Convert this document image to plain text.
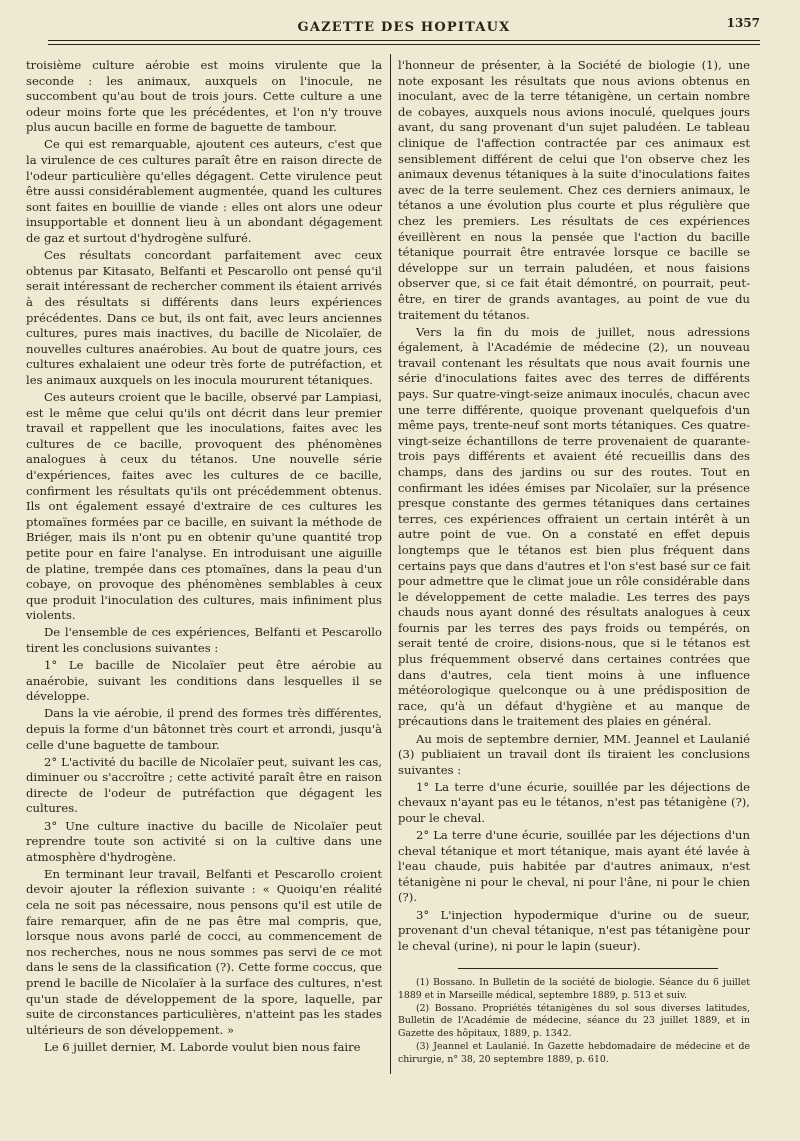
GAZETTE DES HOPITAUX	1357

troisième culture aérobie est moins virulente que la seconde : les animaux, auxquels on l'inocule, ne succombent qu'au bout de trois jours. Cette culture a une odeur moins forte que les précédentes, et l'on n'y trouve plus aucun bacille en forme de baguette de tambour.

Ce qui est remarquable, ajoutent ces auteurs, c'est que la virulence de ces cultures paraît être en raison directe de l'odeur particulière qu'elles dégagent. Cette virulence peut être aussi considérablement augmentée, quand les cultures sont faites en bouillie de viande : elles ont alors une odeur insupportable et donnent lieu à un abondant dégagement de gaz et surtout d'hydrogène sulfuré.

Ces résultats concordant parfaitement avec ceux obtenus par Kitasato, Belfanti et Pescarollo ont pensé qu'il serait intéressant de rechercher comment ils étaient arrivés à des résultats si différents dans leurs expériences précédentes. Dans ce but, ils ont fait, avec leurs anciennes cultures, pures mais inactives, du bacille de Nicolaïer, de nouvelles cultures anaérobies. Au bout de quatre jours, ces cultures exhalaient une odeur très forte de putréfaction, et les animaux auxquels on les inocula moururent tétaniques.

Ces auteurs croient que le bacille, observé par Lampiasi, est le même que celui qu'ils ont décrit dans leur premier travail et rappellent que les inoculations, faites avec les cultures de ce bacille, provoquent des phénomènes analogues à ceux du tétanos. Une nouvelle série d'expériences, faites avec les cultures de ce bacille, confirment les résultats qu'ils ont précédemment obtenus. Ils ont également essayé d'extraire de ces cultures les ptomaïnes formées par ce bacille, en suivant la méthode de Briéger, mais ils n'ont pu en obtenir qu'une quantité trop petite pour en faire l'analyse. En introduisant une aiguille de platine, trempée dans ces ptomaïnes, dans la peau d'un cobaye, on provoque des phénomènes semblables à ceux que produit l'inoculation des cultures, mais infiniment plus violents.

De l'ensemble de ces expériences, Belfanti et Pescarollo tirent les conclusions suivantes :

1° Le bacille de Nicolaïer peut être aérobie au anaérobie, suivant les conditions dans lesquelles il se développe.

Dans la vie aérobie, il prend des formes très différentes, depuis la forme d'un bâtonnet très court et arrondi, jusqu'à celle d'une baguette de tambour.

2° L'activité du bacille de Nicolaïer peut, suivant les cas, diminuer ou s'accroître ; cette activité paraît être en raison directe de l'odeur de putréfaction que dégagent les cultures.

3° Une culture inactive du bacille de Nicolaïer peut reprendre toute son activité si on la cultive dans une atmosphère d'hydrogène.

En terminant leur travail, Belfanti et Pescarollo croient devoir ajouter la réflexion suivante : « Quoiqu'en réalité cela ne soit pas nécessaire, nous pensons qu'il est utile de faire remarquer, afin de ne pas être mal compris, que, lorsque nous avons parlé de cocci, au commencement de nos recherches, nous ne nous sommes pas servi de ce mot dans le sens de la classification (?). Cette forme coccus, que prend le bacille de Nicolaïer à la surface des cultures, n'est qu'un stade de développement de la spore, laquelle, par suite de circonstances particulières, n'atteint pas les stades ultérieurs de son développement. »

Le 6 juillet dernier, M. Laborde voulut bien nous faire

l'honneur de présenter, à la Société de biologie (1), une note exposant les résultats que nous avions obtenus en inoculant, avec de la terre tétanigène, un certain nombre de cobayes, auxquels nous avions inoculé, quelques jours avant, du sang provenant d'un sujet paludéen. Le tableau clinique de l'affection contractée par ces animaux est sensiblement différent de celui que l'on observe chez les animaux devenus tétaniques à la suite d'inoculations faites avec de la terre seulement. Chez ces derniers animaux, le tétanos a une évolution plus courte et plus régulière que chez les premiers. Les résultats de ces expériences éveillèrent en nous la pensée que l'action du bacille tétanique pourrait être entravée lorsque ce bacille se développe sur un terrain paludéen, et nous faisions observer que, si ce fait était démontré, on pourrait, peut-être, en tirer de grands avantages, au point de vue du traitement du tétanos.

Vers la fin du mois de juillet, nous adressions également, à l'Académie de médecine (2), un nouveau travail contenant les résultats que nous avait fournis une série d'inoculations faites avec des terres de différents pays. Sur quatre-vingt-seize animaux inoculés, chacun avec une terre différente, quoique provenant quelquefois d'un même pays, trente-neuf sont morts tétaniques. Ces quatre-vingt-seize échantillons de terre provenaient de quarante-trois pays différents et avaient été recueillis dans des champs, dans des jardins ou sur des routes. Tout en confirmant les idées émises par Nicolaïer, sur la présence presque constante des germes tétaniques dans certaines terres, ces expériences offraient un certain intérêt à un autre point de vue. On a constaté en effet depuis longtemps que le tétanos est bien plus fréquent dans certains pays que dans d'autres et l'on s'est basé sur ce fait pour admettre que le climat joue un rôle considérable dans le développement de cette maladie. Les terres des pays chauds nous ayant donné des résultats analogues à ceux fournis par les terres des pays froids ou tempérés, on serait tenté de croire, disions-nous, que si le tétanos est plus fréquemment observé dans certaines contrées que dans d'autres, cela tient moins à une influence météorologique quelconque ou à une prédisposition de race, qu'à un défaut d'hygiène et au manque de précautions dans le traitement des plaies en général.

Au mois de septembre dernier, MM. Jeannel et Laulanié (3) publiaient un travail dont ils tiraient les conclusions suivantes :

1° La terre d'une écurie, souillée par les déjections de chevaux n'ayant pas eu le tétanos, n'est pas tétanigène (?), pour le cheval.

2° La terre d'une écurie, souillée par les déjections d'un cheval tétanique et mort tétanique, mais ayant été lavée à l'eau chaude, puis habitée par d'autres animaux, n'est tétanigène ni pour le cheval, ni pour l'âne, ni pour le chien (?).

3° L'injection hypodermique d'urine ou de sueur, provenant d'un cheval tétanique, n'est pas tétanigène pour le cheval (urine), ni pour le lapin (sueur).

(1) Bossano. In Bulletin de la société de biologie. Séance du 6 juillet 1889 et in Marseille médical, septembre 1889, p. 513 et suiv.

(2) Bossano. Propriétés tétanigènes du sol sous diverses latitudes, Bulletin de l'Académie de médecine, séance du 23 juillet 1889, et in Gazette des hôpitaux, 1889, p. 1342.

(3) Jeannel et Laulanié. In Gazette hebdomadaire de médecine et de chirurgie, n° 38, 20 septembre 1889, p. 610.
